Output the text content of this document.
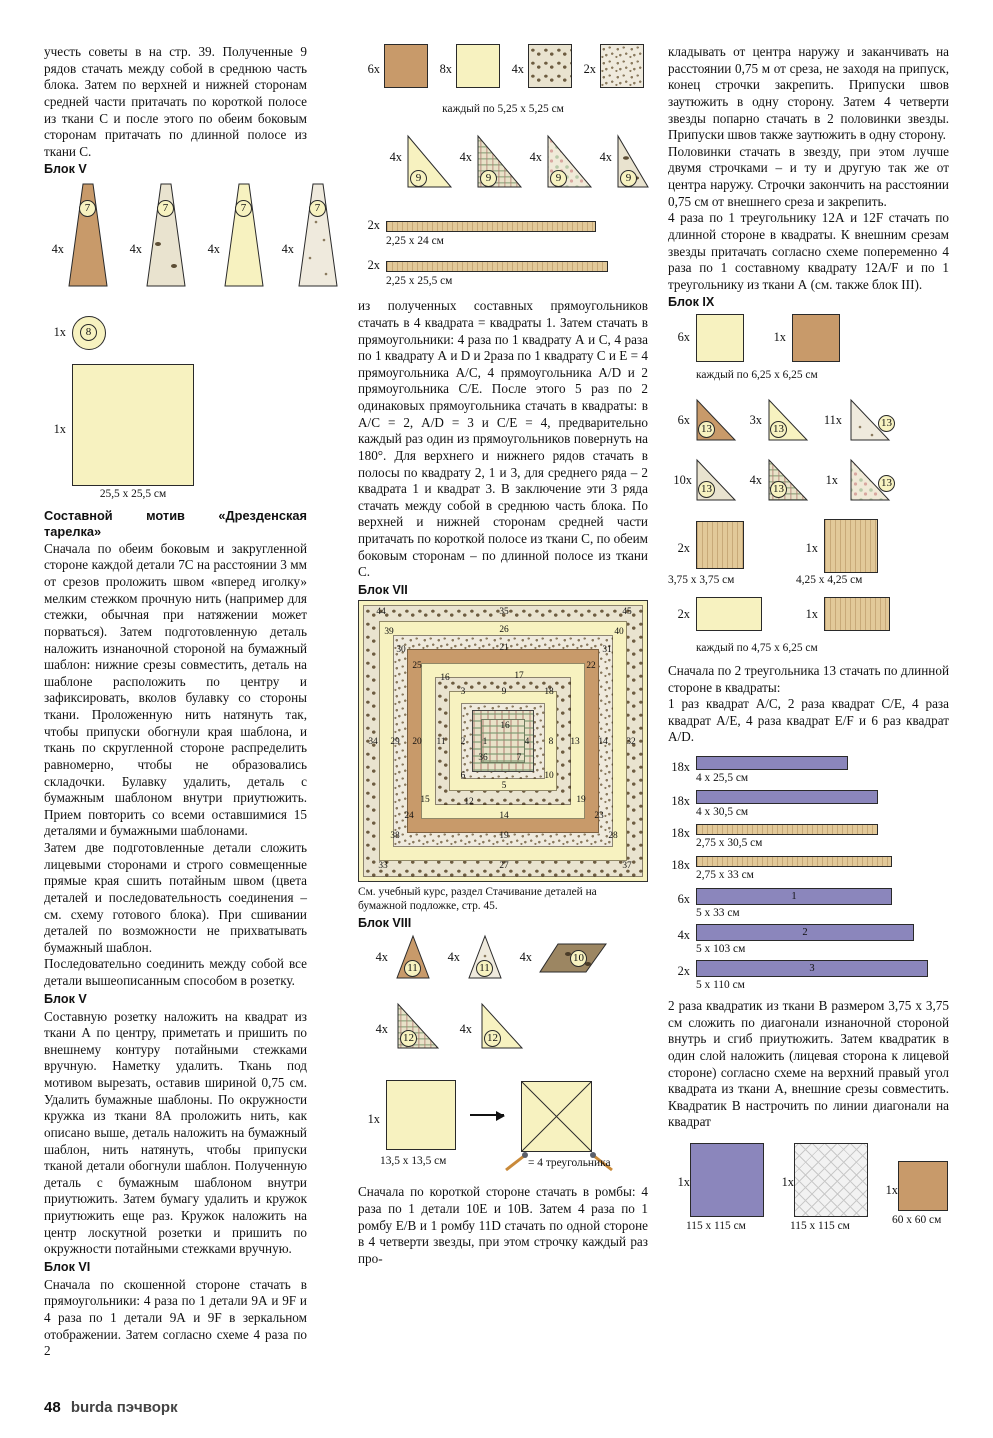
учесть советы в на стр. 39. Полученные 9 рядов стачать между собой в среднюю часть блока. Затем по верхней и нижней сторонам средней части притачать по короткой полосе из ткани С и после этого по обеим боковым сторонам притачать по длинной полосе из ткани С.

Блок V
7
4х
7
4х
7
4х
7
4х
1х	8
1х
25,5 х 25,5 см
Составной мотив «Дрезденская тарелка»

Сначала по обеим боковым и закругленной стороне каждой детали 7С на расстоянии 3 мм от срезов проложить швом «вперед иголку» мелким стежком прочную нить (например для стежки, обычная при натяжении может порваться). Затем подготовленную деталь наложить изнаночной стороной на бумажный шаблон: нижние срезы совместить, деталь на шаблоне расположить по центру и зафиксировать, вколов булавку со стороны ткани. Проложенную нить натянуть так, чтобы припуски обогнули края шаблона, и ткань по скругленной стороне распределить равномерно, чтобы не образовались складочки. Булавку удалить, деталь с бумажным шаблоном внутри приутюжить. Прием повторить со всеми оставшимися 15 деталями и бумажными шаблонами.

Затем две подготовленные детали сложить лицевыми сторонами и строго совмещенные прямые края сшить потайным швом (цвета деталей и последовательность соединения – см. схему готового блока). При сшивании деталей по возможности не прихватывать бумажный шаблон.

Последовательно соединить между собой все детали вышеописанным способом в розетку.

Блок V

Составную розетку наложить на квадрат из ткани А по центру, приметать и пришить по внешнему контуру потайными стежками вручную. Наметку удалить. Ткань под мотивом вырезать, оставив шириной 0,75 см. Удалить бумажные шаблоны. По окружности кружка из ткани 8А проложить нить, как описано выше, деталь наложить на бумажный шаблон, нить натянуть, чтобы припуски тканой детали обогнули шаблон. Полученную деталь с бумажным шаблоном внутри приутюжить. Затем бумагу удалить и кружок приутюжить еще раз. Кружок наложить на центр лоскутной розетки и пришить по окружности потайными стежками вручную.

Блок VI

Сначала по скошенной стороне стачать в прямоугольники: 4 раза по 1 детали 9А и 9F и 4 раза по 1 детали 9А и 9F в зеркальном отображении. Затем согласно схеме 4 раза по 2

6х	8х	4х	2х
каждый по 5,25 х 5,25 см
4х
9
4х
9
4х
9
4х
9
2х
2,25 х 24 см
2х
2,25 х 25,5 см

из полученных составных прямоугольников стачать в 4 квадрата = квадраты 1. Затем стачать в прямоугольники: 4 раза по 1 квадрату А и С, 4 раза по 1 квадрату А и D и 2раза по 1 квадрату С и Е = 4 прямоугольника А/С, 4 прямоугольника A/D и 2 прямоугольника С/Е. После этого 5 раз по 2 одинаковых прямоугольника стачать в квадраты: в А/С = 2, A/D = 3 и С/Е = 4, предварительно каждый раз один из прямоугольников повернуть на 180°. Для верхнего и нижнего рядов стачать в полосы по квадрату 2, 1 и 3, для среднего ряда – 2 квадрата 1 и квадрат 3. В заключение эти 3 ряда стачать между собой в среднюю часть блока. По верхней и нижней сторонам средней части притачать по короткой полосе из ткани С, по обеим боковым сторонам – по длинной полосе из ткани С.

Блок VII
44	35	45
39	26	40
30	21	31
25
16	17
22
3	9	18
34 29 20 11 2 1
16
4 8 13 14 32
36	7
6
5
10
15	12	19
24	14	23
38	19	28
33	27	37

См. учебный курс, раздел Стачивание деталей на бумажной подложке, стр. 45.

Блок VIII
4х
11
4х
11
4х	10
4х
12
4х
12
1х
13,5 х 13,5 см	= 4 треугольника

Сначала по короткой стороне стачать в ромбы: 4 раза по 1 детали 10Е и 10В. Затем 4 раза по 1 ромбу Е/В и 1 ромбу 11D стачать по одной стороне в 4 четверти звезды, при этом строчку каждый раз про-

кладывать от центра наружу и заканчивать на расстоянии 0,75 м от среза, не заходя на припуск, конец строчки закрепить. Припуски швов заутюжить в одну сторону. Затем 4 четверти звезды попарно стачать в 2 половинки звезды. Припуски швов также заутюжить в одну сторону.

Половинки стачать в звезду, при этом лучше двумя строчками – и ту и другую так же от центра наружу. Строчки закончить на расстоянии 0,75 см от внешнего среза и закрепить.

4 раза по 1 треугольнику 12А и 12F стачать по длинной стороне в квадраты. К внешним срезам звезды притачать согласно схеме попеременно 4 раза по 1 составному квадрату 12A/F и по 1 треугольнику из ткани А (см. также блок III).

Блок IX
6х	1х
каждый по 6,25 х 6,25 см
6х
13
3х
13
11х	13
10х
13
4х
13
1х	13
2х
3,75 х 3,75 см
1х
4,25 х 4,25 см
2х	1х
каждый по 4,75 х 6,25 см

Сначала по 2 треугольника 13 стачать по длинной стороне в квадраты:

1 раз квадрат А/С, 2 раза квадрат С/Е, 4 раза квадрат A/E, 4 раза квадрат E/F и 6 раз квадрат A/D.

18х
4 х 25,5 см
18х
4 х 30,5 см
18х
2,75 х 30,5 см
18х
2,75 х 33 см
6х	1
5 х 33 см
4х	2
5 х 103 см
2х	3
5 х 110 см

2 раза квадратик из ткани В размером 3,75 х 3,75 см сложить по диагонали изнаночной стороной внутрь и сгиб приутюжить. Затем квадратик в один слой наложить (лицевая сторона к лицевой стороне) согласно схеме на верхний правый угол квадрата из ткани А, внешние срезы совместить. Квадратик В настрочить по линии диагонали на квадрат

1х
115 х 115 см
1х
115 х 115 см
1х
60 х 60 см
48 burda пэчворк
